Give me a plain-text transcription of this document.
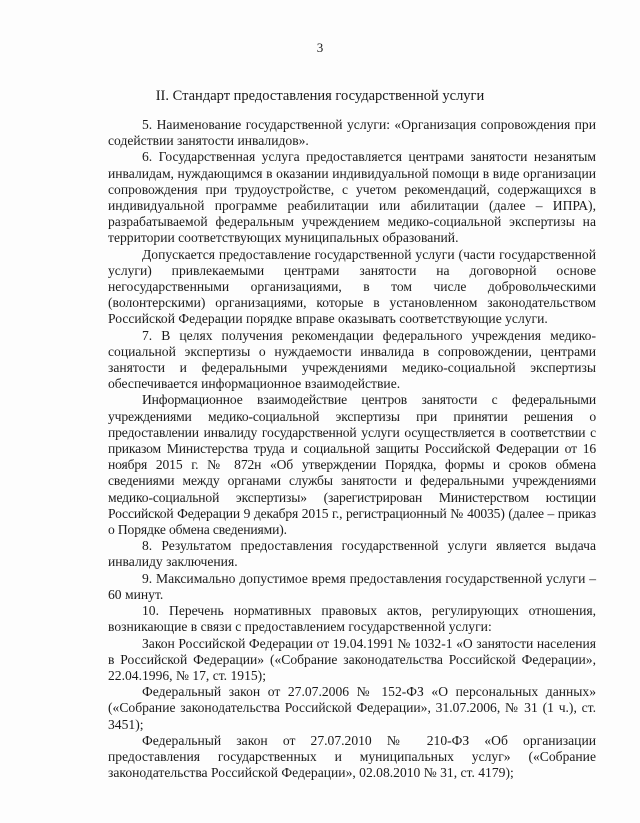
3
II. Стандарт предоставления государственной услуги

5. Наименование государственной услуги: «Организация сопровождения при содействии занятости инвалидов».

6. Государственная услуга предоставляется центрами занятости незанятым инвалидам, нуждающимся в оказании индивидуальной помощи в виде организации сопровождения при трудоустройстве, с учетом рекомендаций, содержащихся в индивидуальной программе реабилитации или абилитации (далее – ИПРА), разрабатываемой федеральным учреждением медико-социальной экспертизы на территории соответствующих муниципальных образований.

Допускается предоставление государственной услуги (части государственной услуги) привлекаемыми центрами занятости на договорной основе негосударственными организациями, в том числе добровольческими (волонтерскими) организациями, которые в установленном законодательством Российской Федерации порядке вправе оказывать соответствующие услуги.

7. В целях получения рекомендации федерального учреждения медико-социальной экспертизы о нуждаемости инвалида в сопровождении, центрами занятости и федеральными учреждениями медико-социальной экспертизы обеспечивается информационное взаимодействие.

Информационное взаимодействие центров занятости с федеральными учреждениями медико-социальной экспертизы при принятии решения о предоставлении инвалиду государственной услуги осуществляется в соответствии с приказом Министерства труда и социальной защиты Российской Федерации от 16 ноября 2015 г. № 872н «Об утверждении Порядка, формы и сроков обмена сведениями между органами службы занятости и федеральными учреждениями медико-социальной экспертизы» (зарегистрирован Министерством юстиции Российской Федерации 9 декабря 2015 г., регистрационный № 40035) (далее – приказ о Порядке обмена сведениями).

8. Результатом предоставления государственной услуги является выдача инвалиду заключения.

9. Максимально допустимое время предоставления государственной услуги – 60 минут.

10. Перечень нормативных правовых актов, регулирующих отношения, возникающие в связи с предоставлением государственной услуги:

Закон Российской Федерации от 19.04.1991 № 1032-1 «О занятости населения в Российской Федерации» («Собрание законодательства Российской Федерации», 22.04.1996, № 17, ст. 1915);

Федеральный закон от 27.07.2006 № 152-ФЗ «О персональных данных» («Собрание законодательства Российской Федерации», 31.07.2006, № 31 (1 ч.), ст. 3451);

Федеральный закон от 27.07.2010 № 210-ФЗ «Об организации предоставления государственных и муниципальных услуг» («Собрание законодательства Российской Федерации», 02.08.2010 № 31, ст. 4179);
